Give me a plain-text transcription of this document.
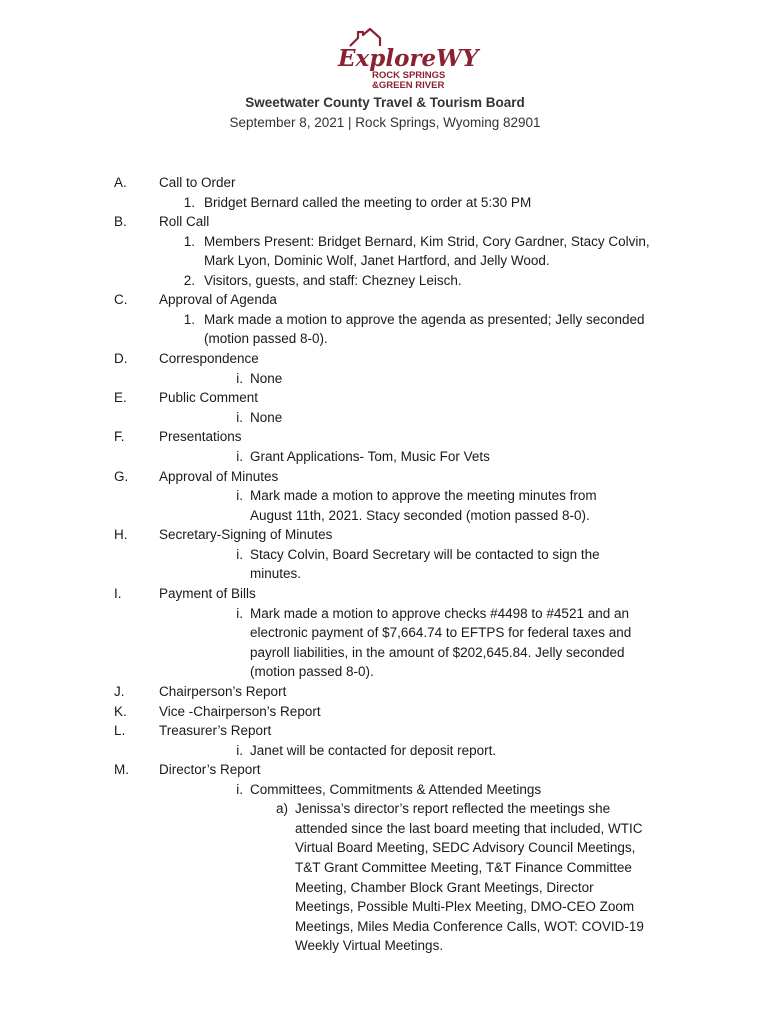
ExploreWY
ROCK SPRINGS
&GREEN RIVER
Sweetwater County Travel & Tourism Board
September 8, 2021 | Rock Springs, Wyoming 82901
A. Call to Order
1. Bridget Bernard called the meeting to order at 5:30 PM
B. Roll Call
1. Members Present: Bridget Bernard, Kim Strid, Cory Gardner, Stacy Colvin,
Mark Lyon, Dominic Wolf, Janet Hartford, and Jelly Wood.
2. Visitors, guests, and staff: Chezney Leisch.
C. Approval of Agenda
1. Mark made a motion to approve the agenda as presented; Jelly seconded
(motion passed 8-0).
D. Correspondence
i. None
E. Public Comment
i. None
F.	Presentations
i. Grant Applications- Tom, Music For Vets
G. Approval of Minutes
i. Mark made a motion to approve the meeting minutes from
August 11th, 2021. Stacy seconded (motion passed 8-0).
H. Secretary-Signing of Minutes
i. Stacy Colvin, Board Secretary will be contacted to sign the
minutes.
I.	Payment of Bills
i. Mark made a motion to approve checks #4498 to #4521 and an
electronic payment of $7,664.74 to EFTPS for federal taxes and
payroll liabilities, in the amount of $202,645.84. Jelly seconded
(motion passed 8-0).
J.	Chairperson’s Report
K. Vice -Chairperson’s Report
L. Treasurer’s Report
i. Janet will be contacted for deposit report.
M. Director’s Report
i. Committees, Commitments & Attended Meetings
a) Jenissa’s director’s report reflected the meetings she
attended since the last board meeting that included, WTIC
Virtual Board Meeting, SEDC Advisory Council Meetings,
T&T Grant Committee Meeting, T&T Finance Committee
Meeting, Chamber Block Grant Meetings, Director
Meetings, Possible Multi-Plex Meeting, DMO-CEO Zoom
Meetings, Miles Media Conference Calls, WOT: COVID-19
Weekly Virtual Meetings.
